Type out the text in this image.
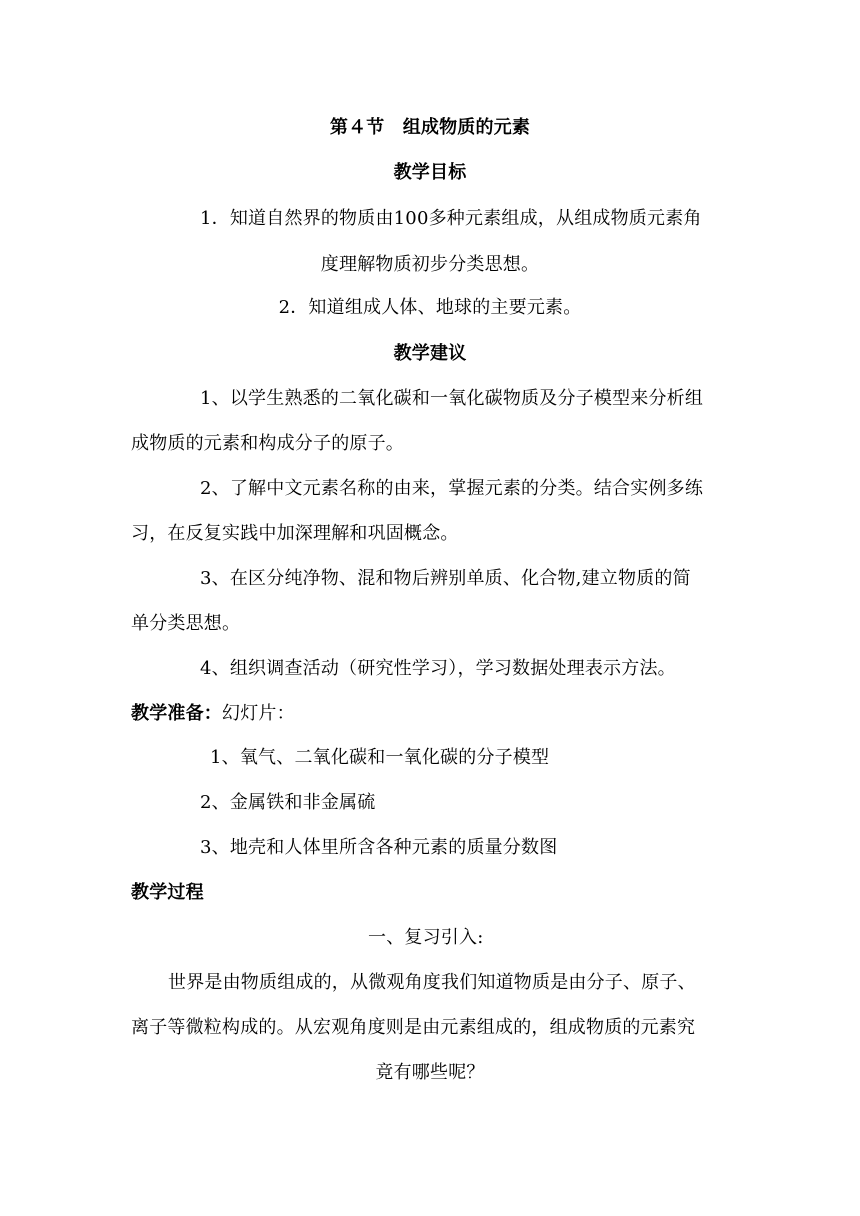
第４节　组成物质的元素
教学目标
1．知道自然界的物质由100多种元素组成，从组成物质元素角
度理解物质初步分类思想。
2．知道组成人体、地球的主要元素。
教学建议
1、以学生熟悉的二氧化碳和一氧化碳物质及分子模型来分析组
成物质的元素和构成分子的原子。
2、了解中文元素名称的由来，掌握元素的分类。结合实例多练
习，在反复实践中加深理解和巩固概念。
3、在区分纯净物、混和物后辨别单质、化合物,建立物质的简
单分类思想。
4、组织调查活动（研究性学习），学习数据处理表示方法。
教学准备：幻灯片：
1、氧气、二氧化碳和一氧化碳的分子模型
2、金属铁和非金属硫
3、地壳和人体里所含各种元素的质量分数图
教学过程
一、复习引入:
世界是由物质组成的，从微观角度我们知道物质是由分子、原子、
离子等微粒构成的。从宏观角度则是由元素组成的，组成物质的元素究
竟有哪些呢？
